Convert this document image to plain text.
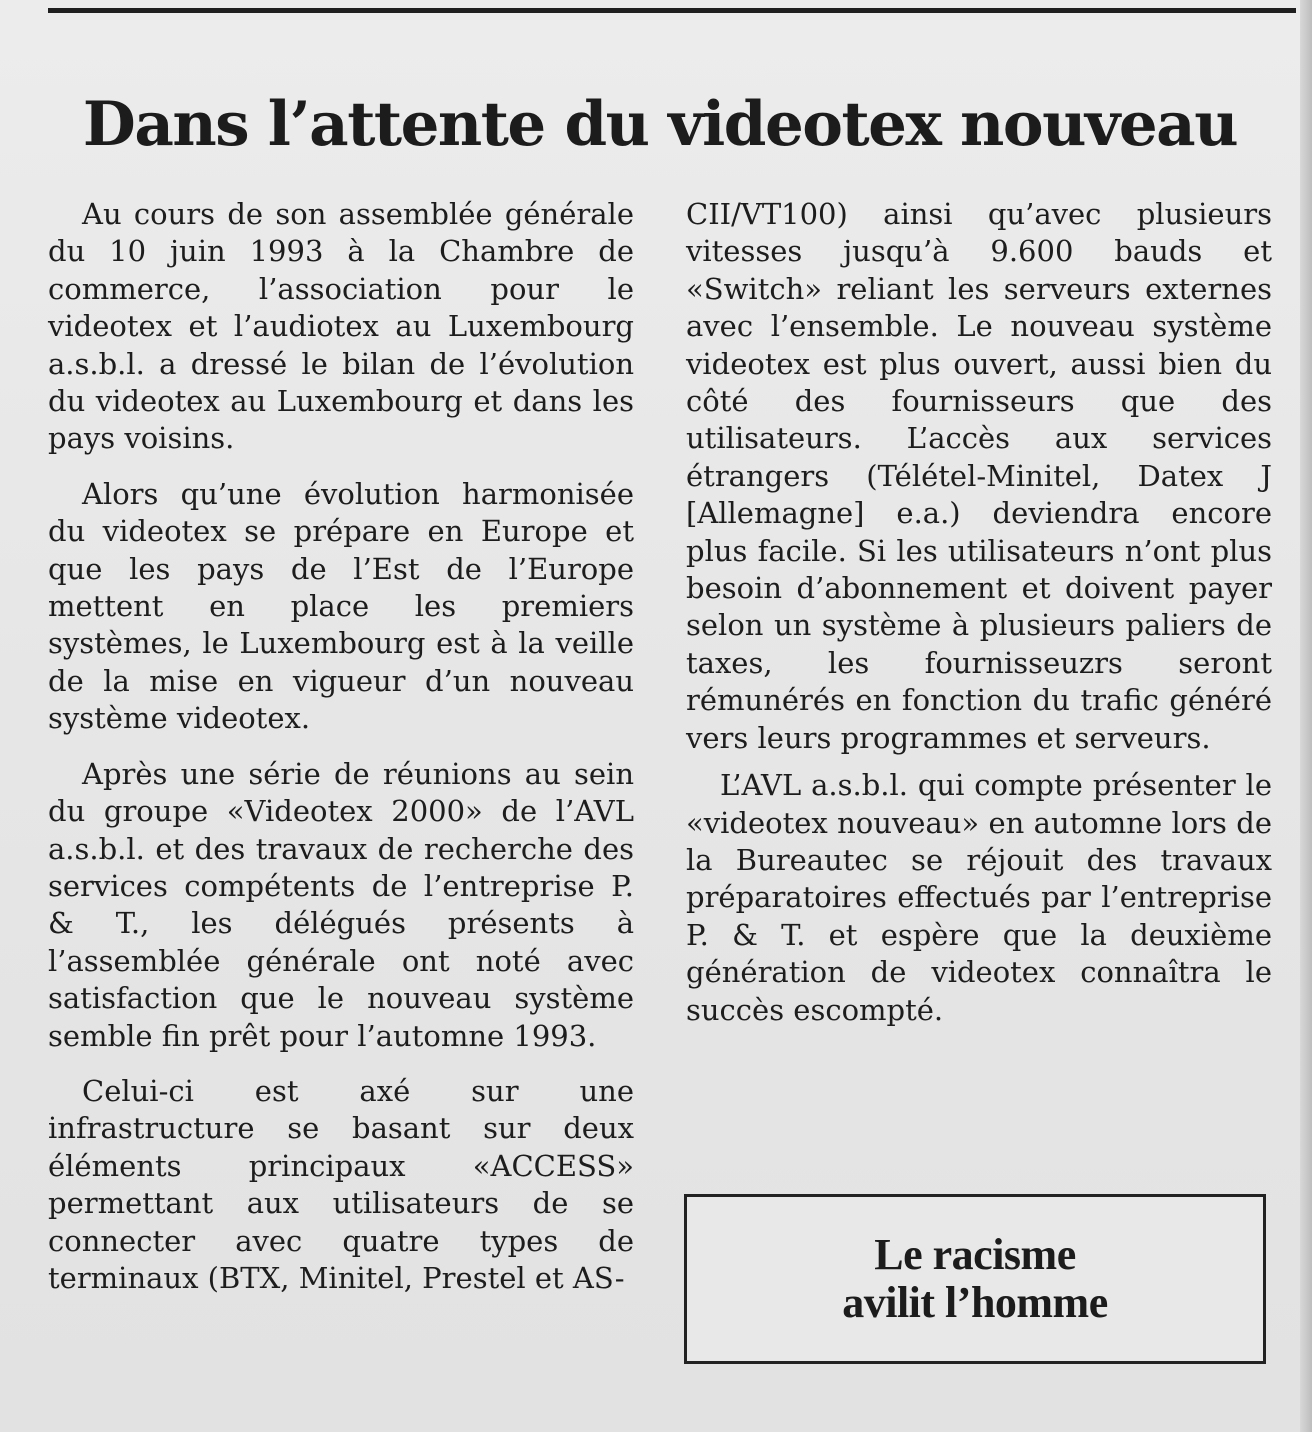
Dans l’attente du videotex nouveau

Au cours de son assemblée générale du 10 juin 1993 à la Chambre de commerce, l’association pour le videotex et l’audiotex au Luxembourg a.s.b.l. a dressé le bilan de l’évolution du videotex au Luxembourg et dans les pays voisins.

Alors qu’une évolution harmonisée du videotex se prépare en Europe et que les pays de l’Est de l’Europe mettent en place les premiers systèmes, le Luxembourg est à la veille de la mise en vigueur d’un nouveau système videotex.

Après une série de réunions au sein du groupe «Videotex 2000» de l’AVL a.s.b.l. et des travaux de recherche des services compétents de l’entreprise P. & T., les délégués présents à l’assemblée générale ont noté avec satisfaction que le nouveau système semble fin prêt pour l’automne 1993.

Celui-ci est axé sur une infrastructure se basant sur deux éléments principaux «ACCESS» permettant aux utilisateurs de se connecter avec quatre types de terminaux (BTX, Minitel, Prestel et AS-

CII/VT100) ainsi qu’avec plusieurs vitesses jusqu’à 9.600 bauds et «Switch» reliant les serveurs externes avec l’ensemble. Le nouveau système videotex est plus ouvert, aussi bien du côté des fournisseurs que des utilisateurs. L’accès aux services étrangers (Télétel-Minitel, Datex J [Allemagne] e.a.) deviendra encore plus facile. Si les utilisateurs n’ont plus besoin d’abonnement et doivent payer selon un système à plusieurs paliers de taxes, les fournisseuzrs seront rémunérés en fonction du trafic généré vers leurs programmes et serveurs.

L’AVL a.s.b.l. qui compte présenter le «videotex nouveau» en automne lors de la Bureautec se réjouit des travaux préparatoires effectués par l’entreprise P. & T. et espère que la deuxième génération de videotex connaîtra le succès escompté.

Le racisme
avilit l’homme
